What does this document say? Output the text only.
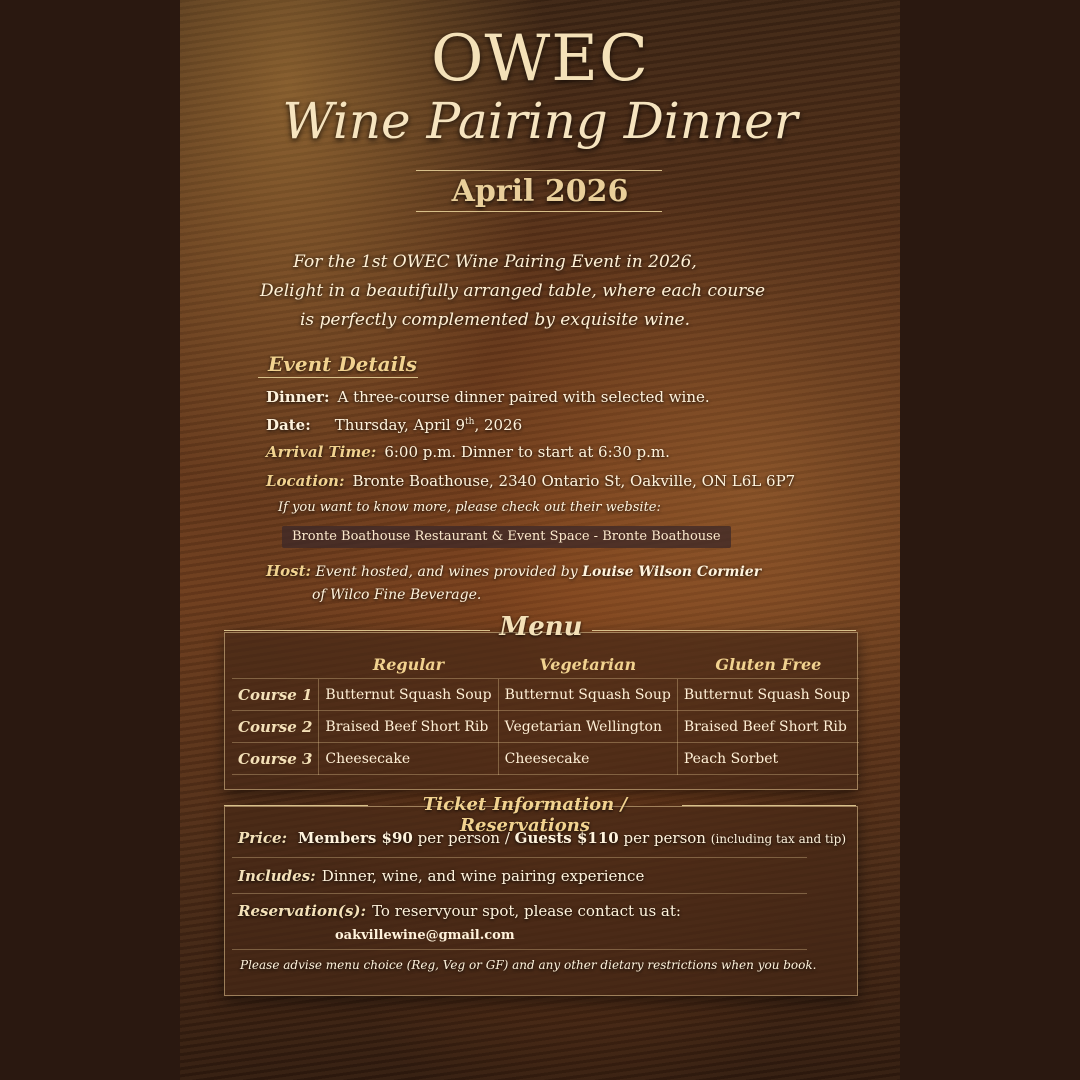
OWEC
Wine Pairing Dinner
April 2026
For the 1st OWEC Wine Pairing Event in 2026,
Delight in a beautifully arranged table, where each course
is perfectly complemented by exquisite wine.
Event Details
Dinner: A three-course dinner paired with selected wine.
Date: Thursday, April 9th, 2026
Arrival Time: 6:00 p.m. Dinner to start at 6:30 p.m.
Location: Bronte Boathouse, 2340 Ontario St, Oakville, ON L6L 6P7
If you want to know more, please check out their website:
Bronte Boathouse Restaurant & Event Space - Bronte Boathouse
Host: Event hosted, and wines provided by Louise Wilson Cormier
of Wilco Fine Beverage.
Menu
	Regular	Vegetarian	Gluten Free
Course 1	Butternut Squash Soup	Butternut Squash Soup	Butternut Squash Soup
Course 2	Braised Beef Short Rib	Vegetarian Wellington	Braised Beef Short Rib
Course 3	Cheesecake	Cheesecake	Peach Sorbet
Ticket Information / Reservations
Price: Members $90 per person / Guests $110 per person (including tax and tip)
Includes: Dinner, wine, and wine pairing experience
Reservation(s): To reservyour spot, please contact us at:
oakvillewine@gmail.com
Please advise menu choice (Reg, Veg or GF) and any other dietary restrictions when you book.
